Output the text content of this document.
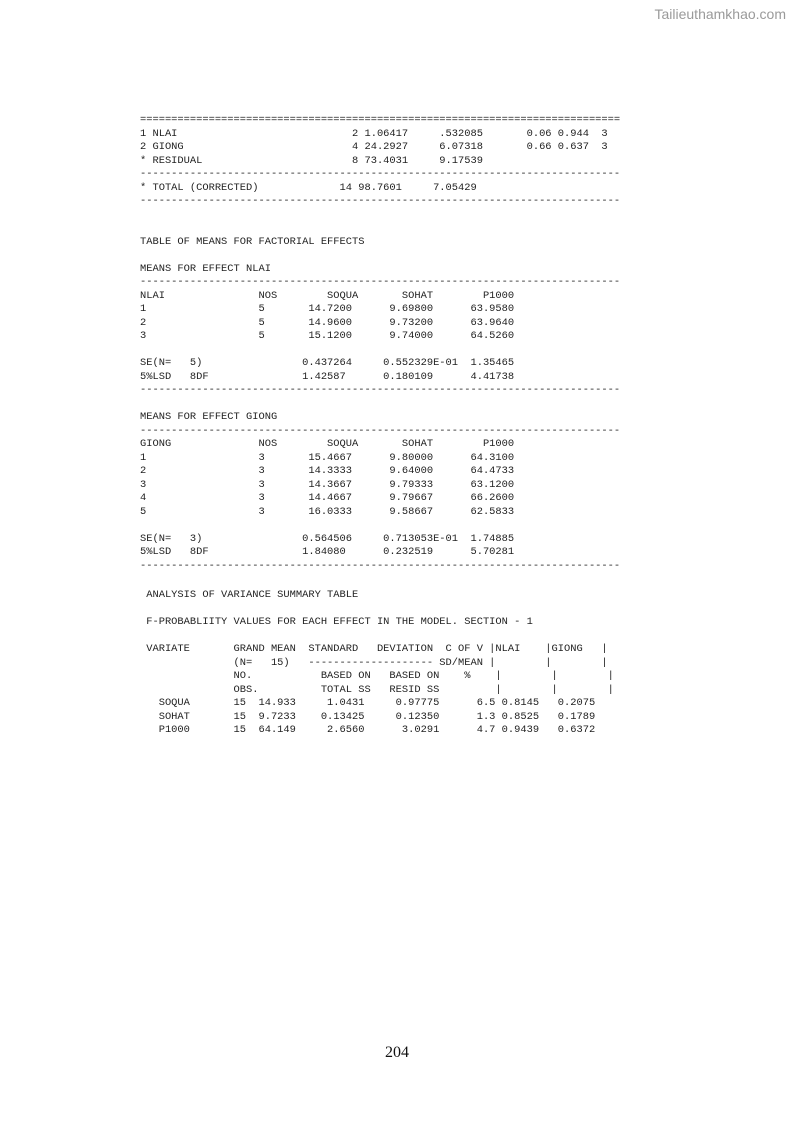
Tailieuthamkhao.com
=============================================================================
1 NLAI                            2 1.06417     .532085       0.06 0.944  3
2 GIONG                           4 24.2927     6.07318       0.66 0.637  3
* RESIDUAL                        8 73.4031     9.17539
-----------------------------------------------------------------------------
* TOTAL (CORRECTED)             14 98.7601     7.05429
-----------------------------------------------------------------------------

TABLE OF MEANS FOR FACTORIAL EFFECTS

MEANS FOR EFFECT NLAI
-----------------------------------------------------------------------------
NLAI               NOS        SOQUA       SOHAT        P1000
1                  5       14.7200      9.69800      63.9580
2                  5       14.9600      9.73200      63.9640
3                  5       15.1200      9.74000      64.5260

SE(N=   5)                0.437264     0.552329E-01  1.35465
5%LSD   8DF               1.42587      0.180109      4.41738
-----------------------------------------------------------------------------

MEANS FOR EFFECT GIONG
-----------------------------------------------------------------------------
GIONG              NOS        SOQUA       SOHAT        P1000
1                  3       15.4667      9.80000      64.3100
2                  3       14.3333      9.64000      64.4733
3                  3       14.3667      9.79333      63.1200
4                  3       14.4667      9.79667      66.2600
5                  3       16.0333      9.58667      62.5833

SE(N=   3)                0.564506     0.713053E-01  1.74885
5%LSD   8DF               1.84080      0.232519      5.70281
-----------------------------------------------------------------------------
ANALYSIS OF VARIANCE SUMMARY TABLE

F-PROBABLIITY VALUES FOR EACH EFFECT IN THE MODEL. SECTION - 1

VARIATE       GRAND MEAN  STANDARD   DEVIATION  C OF V |NLAI    |GIONG   |
(N=   15)   -------------------- SD/MEAN |        |        |
NO.           BASED ON   BASED ON    %    |        |        |
OBS.          TOTAL SS   RESID SS         |        |        |
SOQUA       15  14.933     1.0431     0.97775      6.5 0.8145   0.2075
SOHAT       15  9.7233    0.13425     0.12350      1.3 0.8525   0.1789
P1000       15  64.149     2.6560      3.0291      4.7 0.9439   0.6372
204
